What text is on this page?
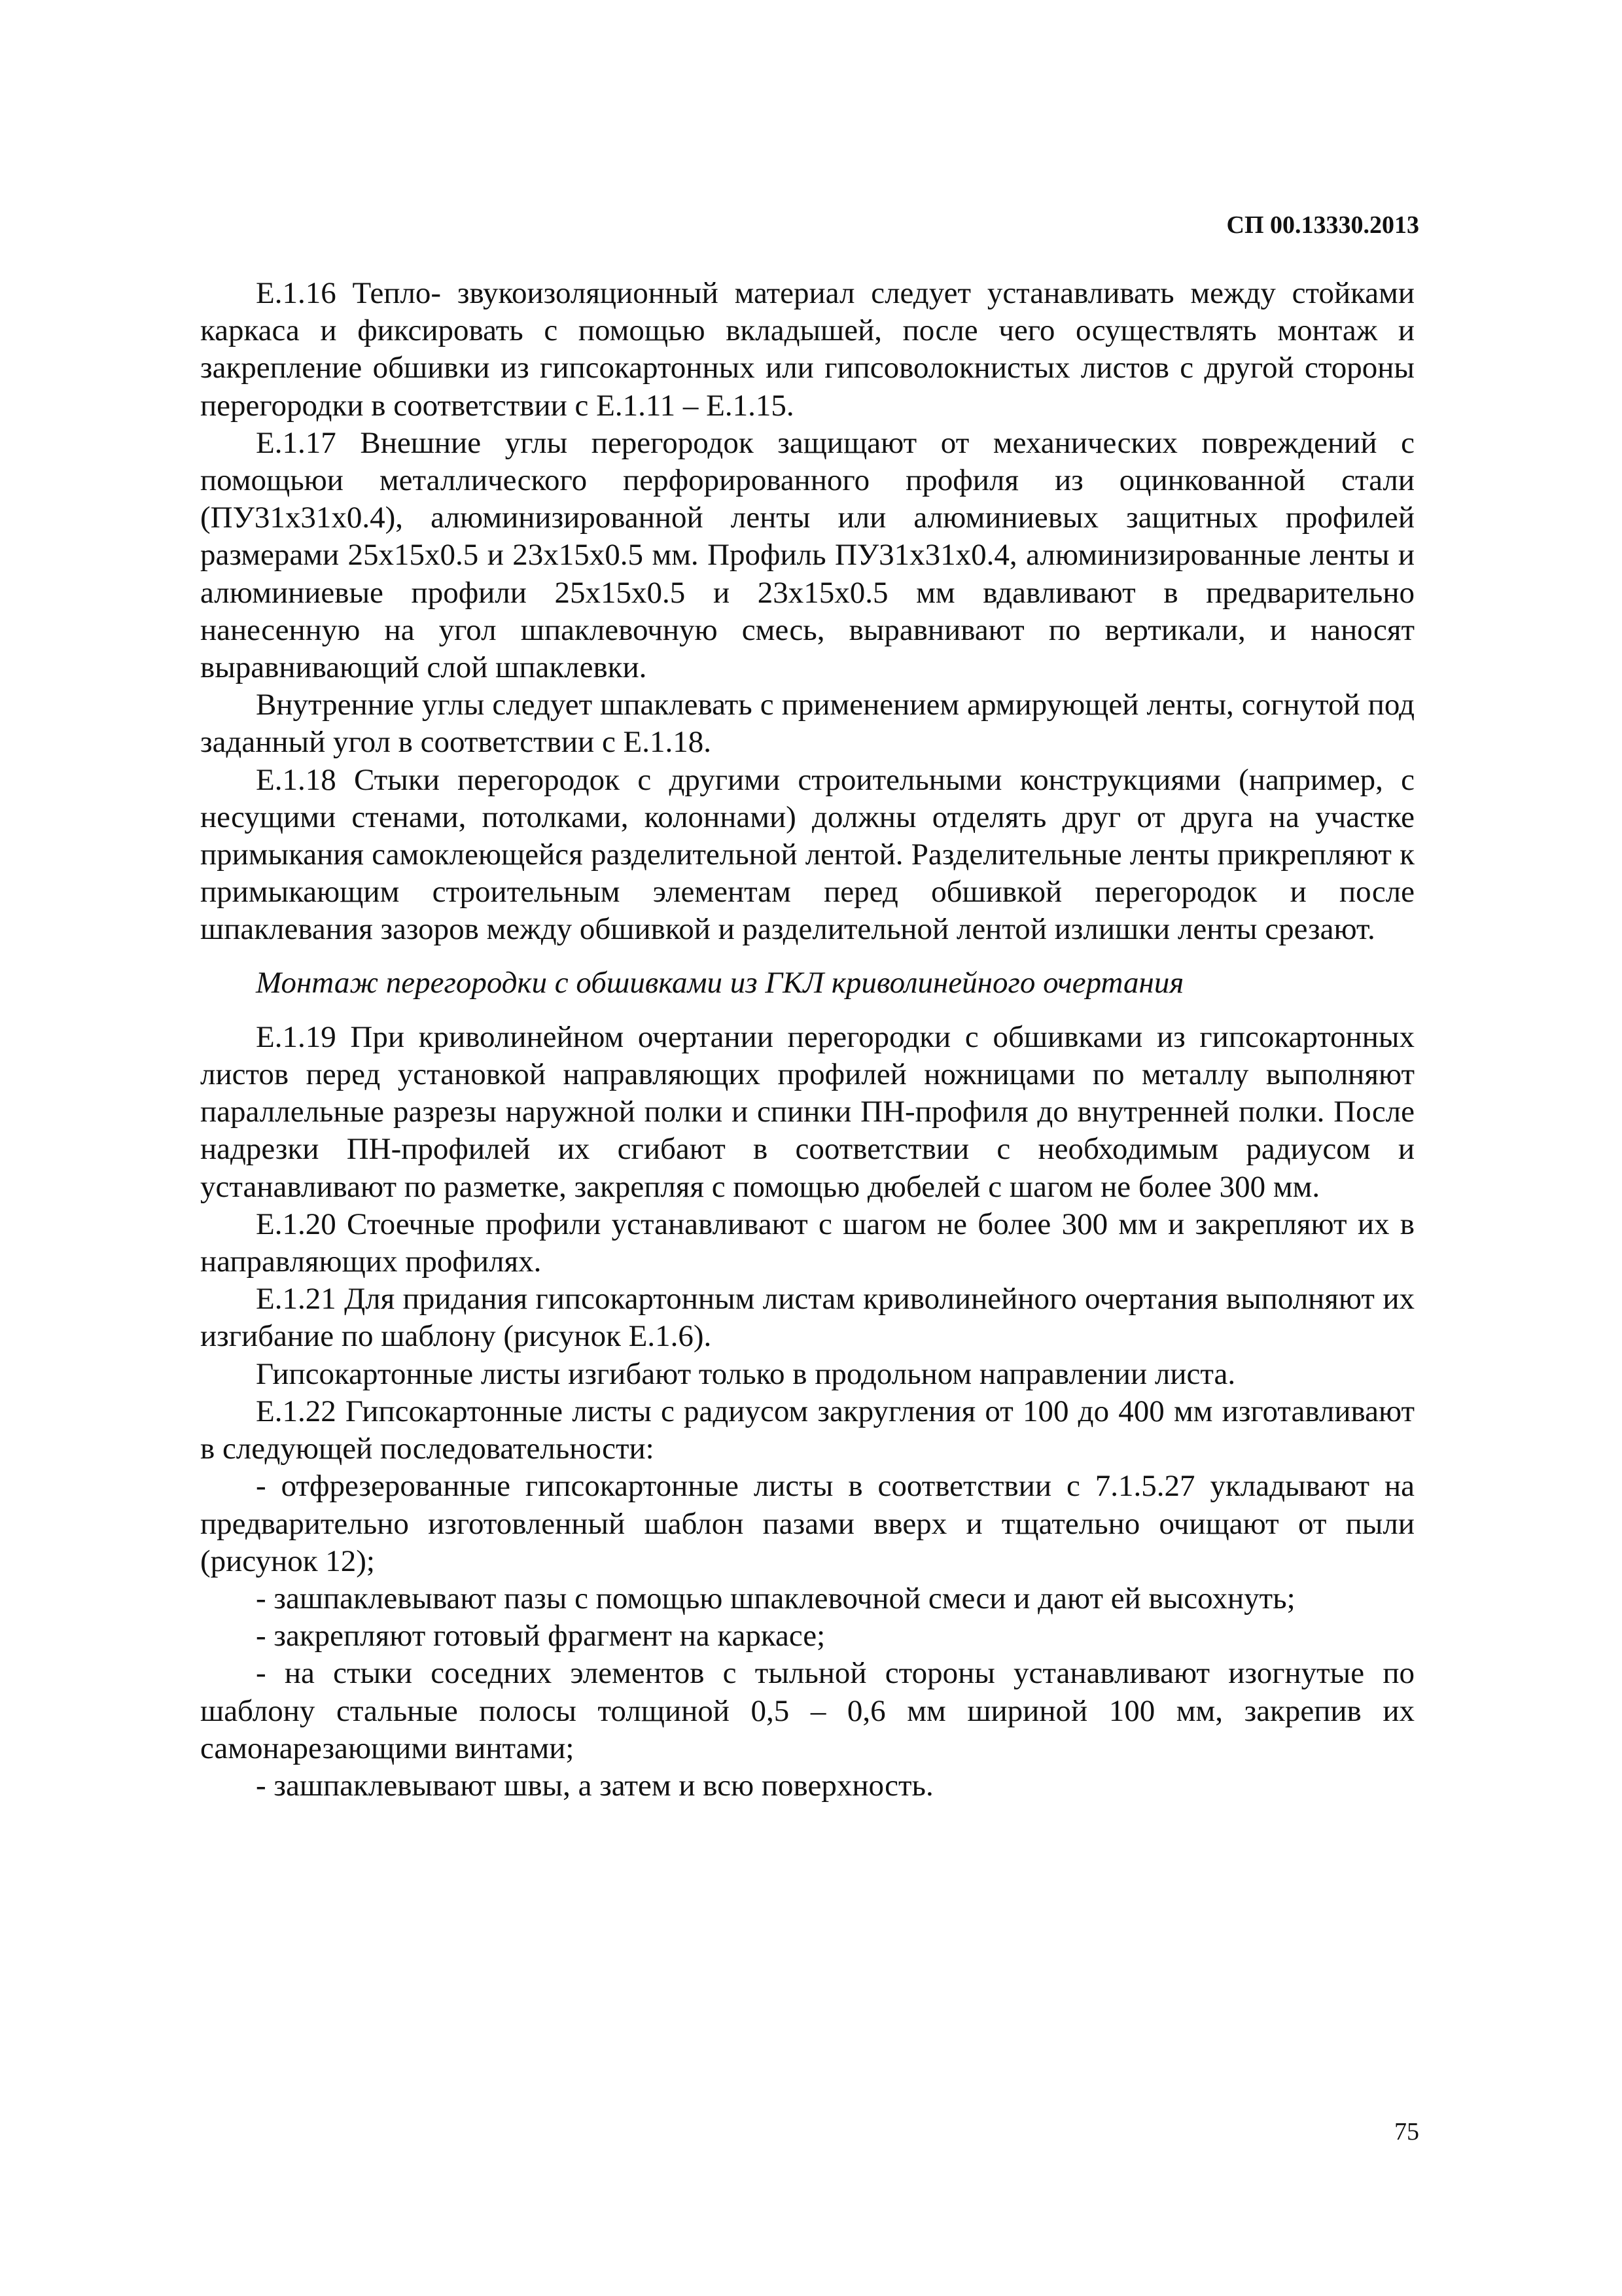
СП 00.13330.2013

Е.1.16 Тепло- звукоизоляционный материал следует устанавливать между стойками каркаса и фиксировать с помощью вкладышей, после чего осуществлять монтаж и закрепление обшивки из гипсокартонных или гипсоволокнистых листов с другой стороны перегородки в соответствии с Е.1.11 – Е.1.15.

Е.1.17 Внешние углы перегородок защищают от механических повреждений с помощьюи металлического перфорированного профиля из оцинкованной стали (ПУ31х31х0.4), алюминизированной ленты или алюминиевых защитных профилей размерами 25х15х0.5 и 23х15х0.5 мм. Профиль ПУ31х31х0.4, алюминизированные ленты и алюминиевые профили 25х15х0.5 и 23х15х0.5 мм вдавливают в предварительно нанесенную на угол шпаклевочную смесь, выравнивают по вертикали, и наносят выравнивающий слой шпаклевки.

Внутренние углы следует шпаклевать с применением армирующей ленты, согнутой под заданный угол в соответствии с Е.1.18.

Е.1.18 Стыки перегородок с другими строительными конструкциями (например, с несущими стенами, потолками, колоннами) должны отделять друг от друга на участке примыкания самоклеющейся разделительной лентой. Разделительные ленты прикрепляют к примыкающим строительным элементам перед обшивкой перегородок и после шпаклевания зазоров между обшивкой и разделительной лентой излишки ленты срезают.

Монтаж перегородки с обшивками из ГКЛ криволинейного очертания

Е.1.19 При криволинейном очертании перегородки с обшивками из гипсокартонных листов перед установкой направляющих профилей ножницами по металлу выполняют параллельные разрезы наружной полки и спинки ПН-профиля до внутренней полки. После надрезки ПН-профилей их сгибают в соответствии с необходимым радиусом и устанавливают по разметке, закрепляя с помощью дюбелей с шагом не более 300 мм.

Е.1.20 Стоечные профили устанавливают с шагом не более 300 мм и закрепляют их в направляющих профилях.

Е.1.21 Для придания гипсокартонным листам криволинейного очертания выполняют их изгибание по шаблону (рисунок Е.1.6).

Гипсокартонные листы изгибают только в продольном направлении листа.

Е.1.22 Гипсокартонные листы с радиусом закругления от 100 до 400 мм изготавливают в следующей последовательности:

- отфрезерованные гипсокартонные листы в соответствии с 7.1.5.27 укладывают на предварительно изготовленный шаблон пазами вверх и тщательно очищают от пыли (рисунок 12);

- зашпаклевывают пазы с помощью шпаклевочной смеси и дают ей высохнуть;

- закрепляют готовый фрагмент на каркасе;

- на стыки соседних элементов с тыльной стороны устанавливают изогнутые по шаблону стальные полосы толщиной 0,5 – 0,6 мм шириной 100 мм, закрепив их самонарезающими винтами;

- зашпаклевывают швы, а затем и всю поверхность.

75
